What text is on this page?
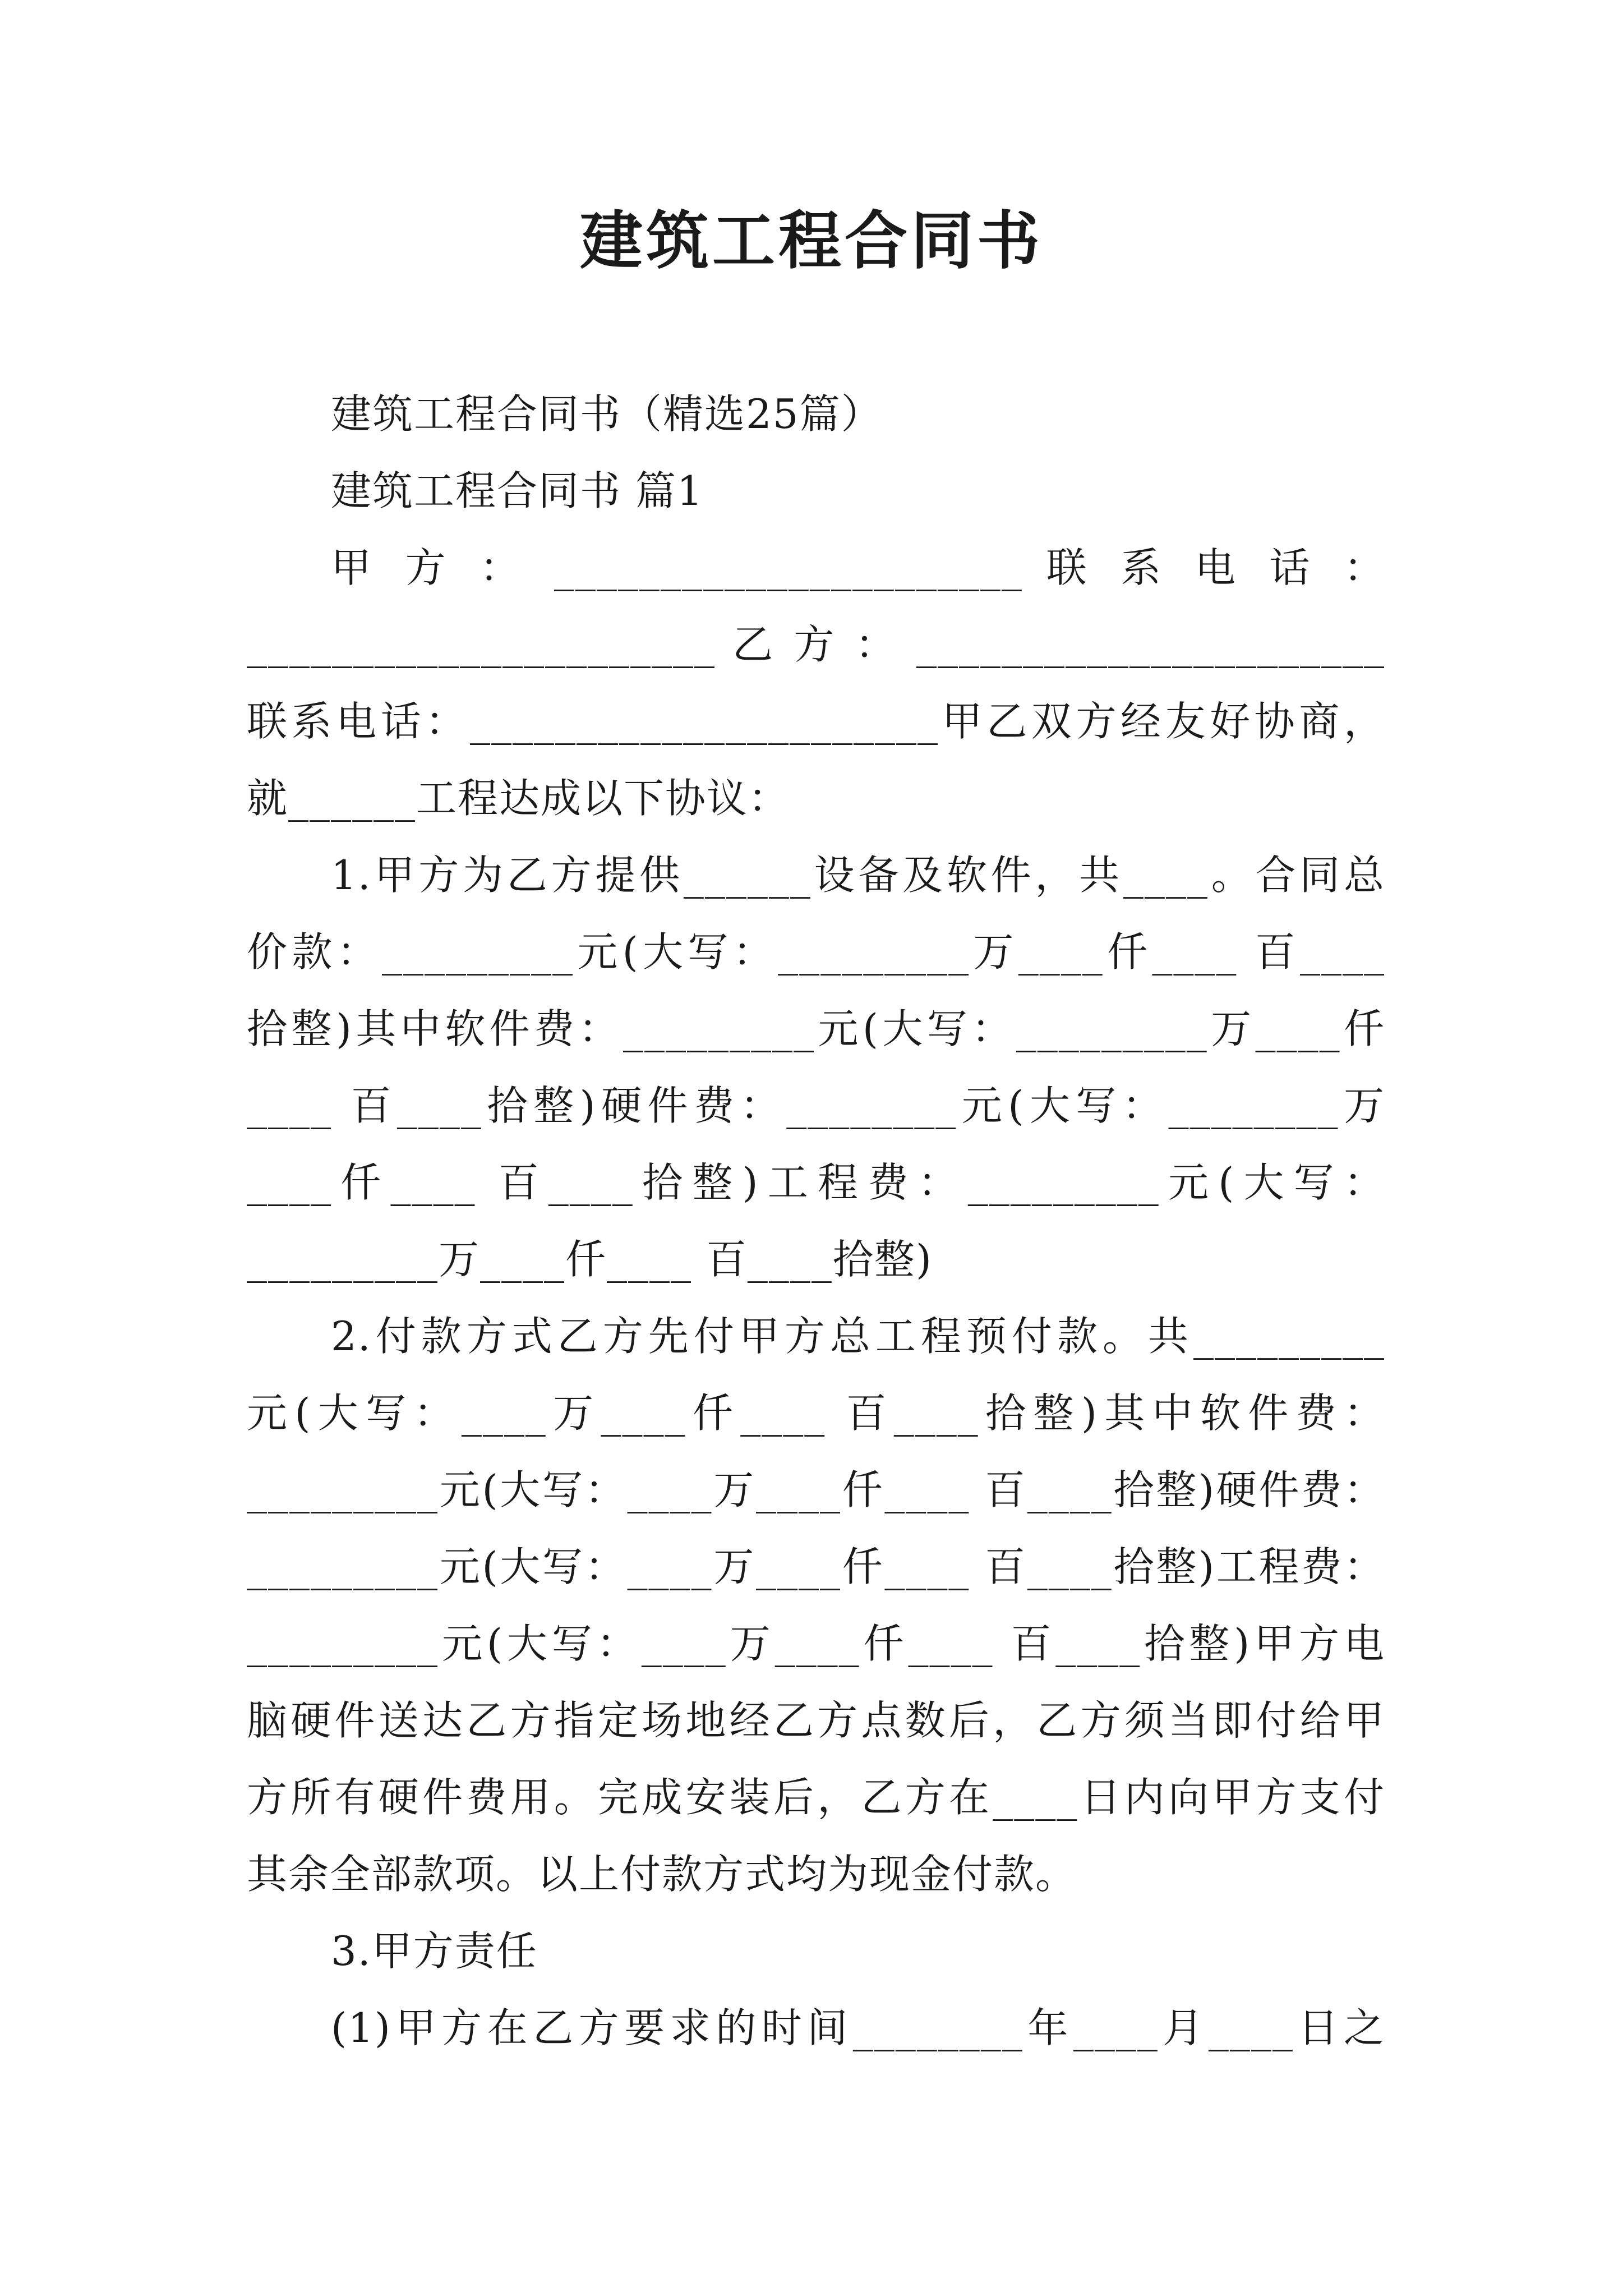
建筑工程合同书
建筑工程合同书（精选25篇）
建筑工程合同书 篇1
甲 方 ： ______________________ 联 系 电 话 ：
______________________ 乙 方 ： ______________________
联系电话：______________________甲乙双方经友好协商，
就______工程达成以下协议：
1.甲方为乙方提供______设备及软件，共____。合同总
价款：_________元(大写：_________万____仟____ 百____
拾整)其中软件费：_________元(大写：_________万____仟
____ 百____拾整)硬件费：________元(大写：________万
____仟____ 百____拾整)工程费：_________元(大写：
_________万____仟____ 百____拾整)
2.付款方式乙方先付甲方总工程预付款。共_________
元(大写：____万____仟____ 百____拾整)其中软件费：
_________元(大写：____万____仟____ 百____拾整)硬件费：
_________元(大写：____万____仟____ 百____拾整)工程费：
_________元(大写：____万____仟____ 百____拾整)甲方电
脑硬件送达乙方指定场地经乙方点数后，乙方须当即付给甲
方所有硬件费用。完成安装后，乙方在____日内向甲方支付
其余全部款项。以上付款方式均为现金付款。
3.甲方责任
(1)甲方在乙方要求的时间________年____月____日之
